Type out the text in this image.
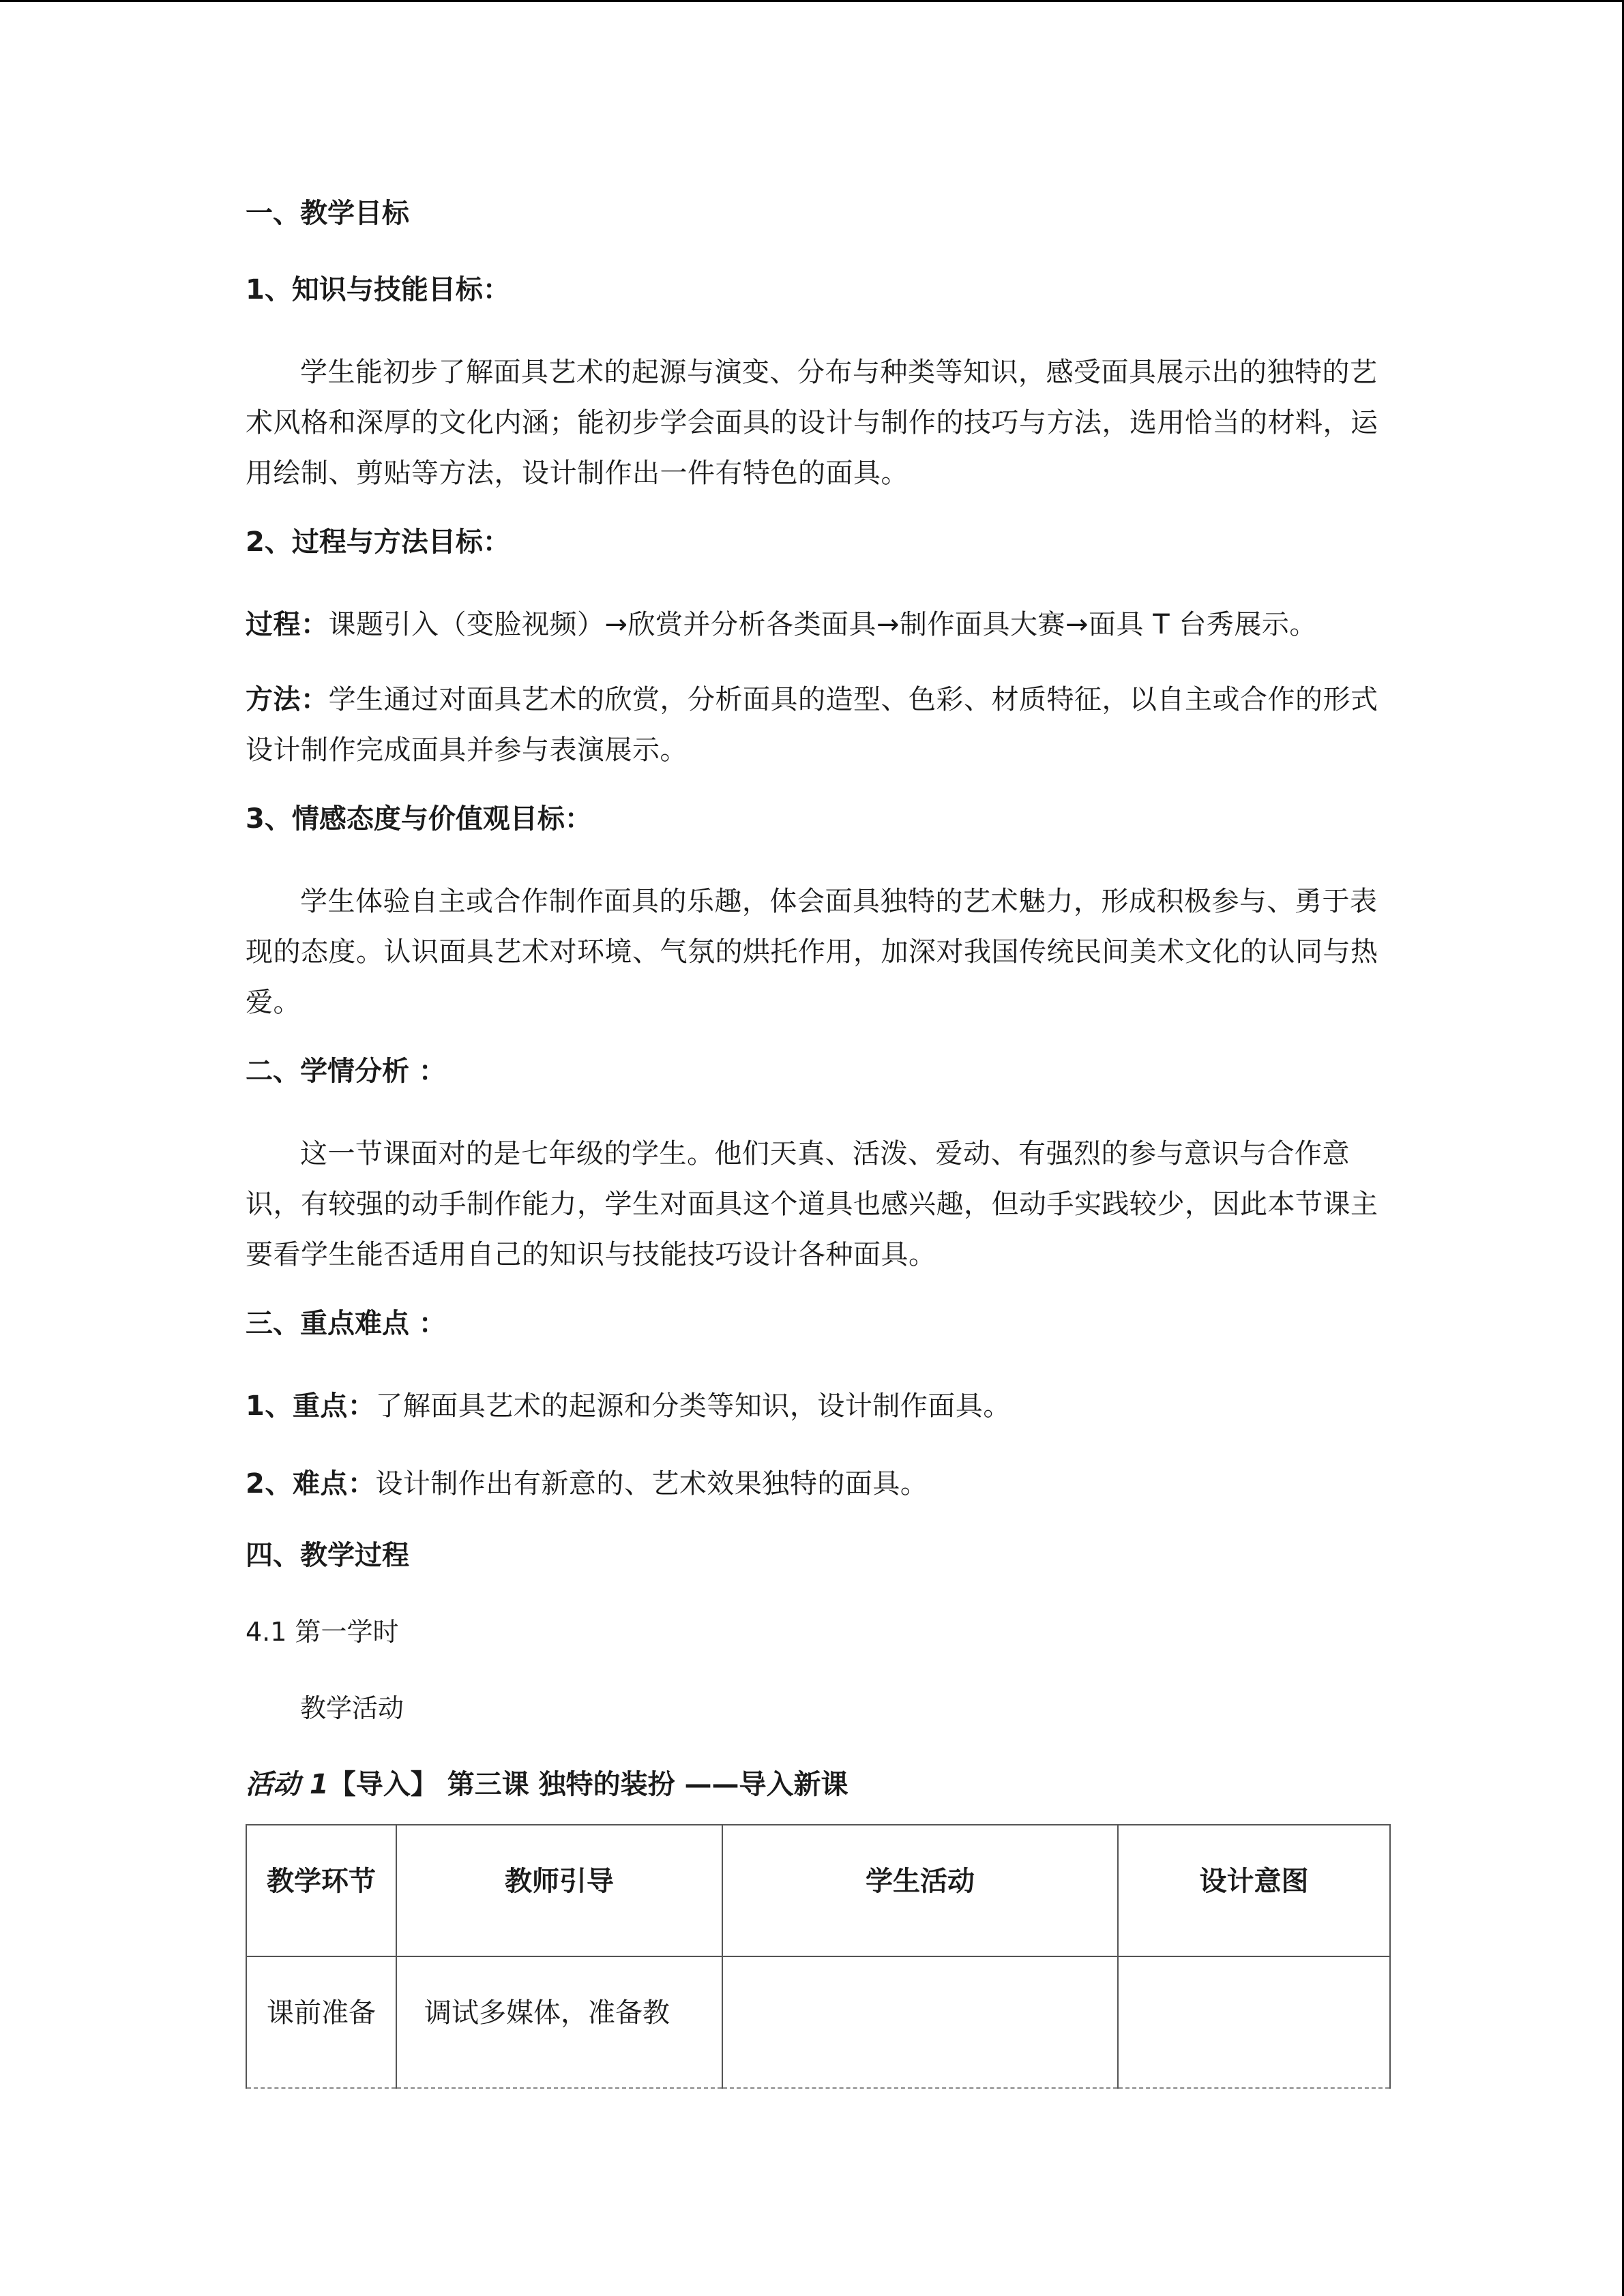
一、教学目标
1、知识与技能目标：
学生能初步了解面具艺术的起源与演变、分布与种类等知识，感受面具展示出的独特的艺术风格和深厚的文化内涵；能初步学会面具的设计与制作的技巧与方法，选用恰当的材料，运用绘制、剪贴等方法，设计制作出一件有特色的面具。
2、过程与方法目标：
过程：课题引入（变脸视频）→欣赏并分析各类面具→制作面具大赛→面具 T 台秀展示。
方法：学生通过对面具艺术的欣赏，分析面具的造型、色彩、材质特征，以自主或合作的形式设计制作完成面具并参与表演展示。
3、情感态度与价值观目标：
学生体验自主或合作制作面具的乐趣，体会面具独特的艺术魅力，形成积极参与、勇于表现的态度。认识面具艺术对环境、气氛的烘托作用，加深对我国传统民间美术文化的认同与热爱。
二、学情分析 ：
这一节课面对的是七年级的学生。他们天真、活泼、爱动、有强烈的参与意识与合作意识，有较强的动手制作能力，学生对面具这个道具也感兴趣，但动手实践较少，因此本节课主要看学生能否适用自己的知识与技能技巧设计各种面具。
三、重点难点 ：
1、重点：了解面具艺术的起源和分类等知识，设计制作面具。
2、难点：设计制作出有新意的、艺术效果独特的面具。
四、教学过程
4.1 第一学时
教学活动
活动 1【导入】 第三课 独特的装扮 ——导入新课
教学环节	教师引导	学生活动	设计意图
课前准备	调试多媒体，准备教		
